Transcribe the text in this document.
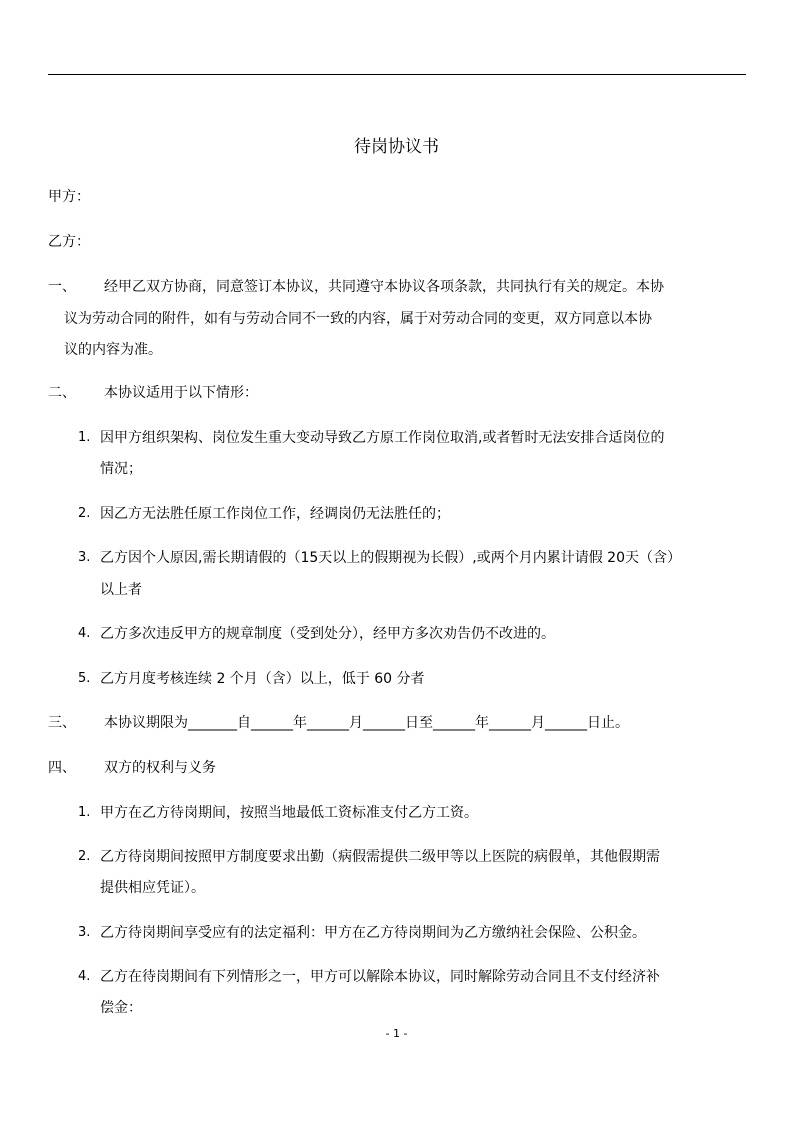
待岗协议书
甲方：
乙方：
一、 经甲乙双方协商，同意签订本协议，共同遵守本协议各项条款，共同执行有关的规定。本协
议为劳动合同的附件，如有与劳动合同不一致的内容，属于对劳动合同的变更，双方同意以本协
议的内容为准。
二、 本协议适用于以下情形：
1. 因甲方组织架构、岗位发生重大变动导致乙方原工作岗位取消,或者暂时无法安排合适岗位的
情况；
2. 因乙方无法胜任原工作岗位工作，经调岗仍无法胜任的；
3. 乙方因个人原因,需长期请假的（15天以上的假期视为长假）,或两个月内累计请假 20天（含）
以上者
4. 乙方多次违反甲方的规章制度（受到处分），经甲方多次劝告仍不改进的。
5. 乙方月度考核连续 2 个月（含）以上，低于 60 分者
三、 本协议期限为_______自______年______月______日至______年______月______日止。
四、 双方的权利与义务
1. 甲方在乙方待岗期间，按照当地最低工资标准支付乙方工资。
2. 乙方待岗期间按照甲方制度要求出勤（病假需提供二级甲等以上医院的病假单，其他假期需
提供相应凭证）。
3. 乙方待岗期间享受应有的法定福利：甲方在乙方待岗期间为乙方缴纳社会保险、公积金。
4. 乙方在待岗期间有下列情形之一，甲方可以解除本协议，同时解除劳动合同且不支付经济补
偿金：
- 1 -
